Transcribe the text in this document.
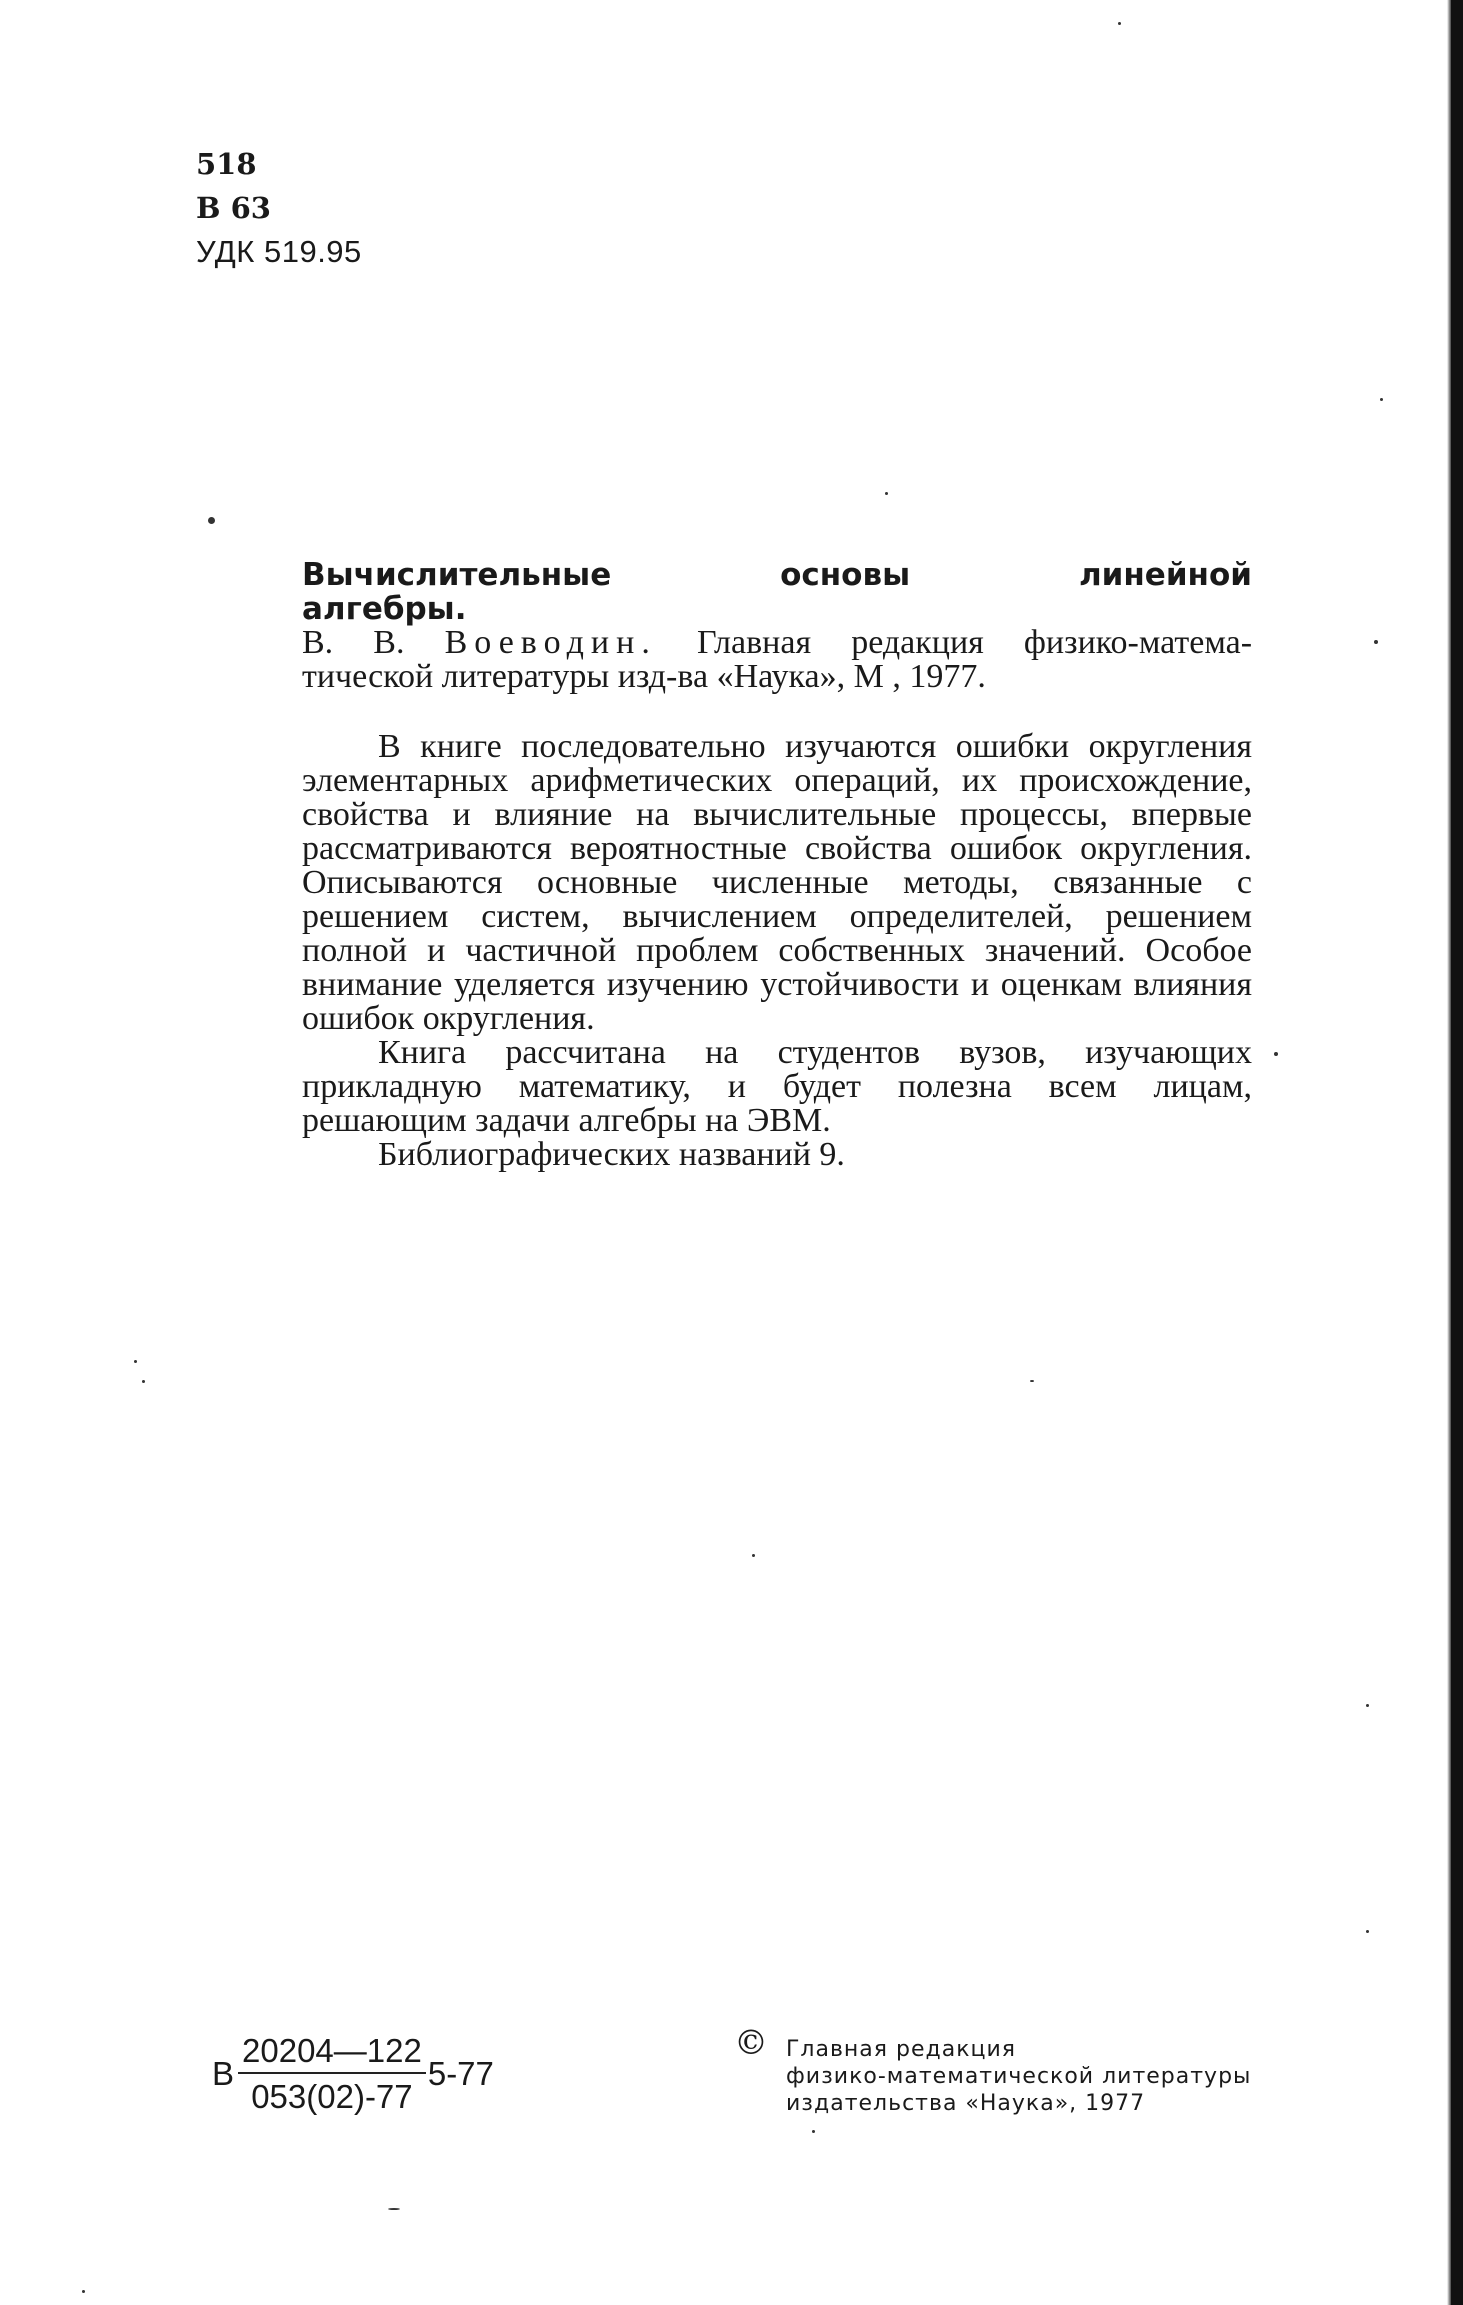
518
В 63
УДК 519.95

Вычислительные основы линейной алгебры.

В. В. Воеводин. Главная редакция физико-матема-

тической литературы изд-ва «Наука», М , 1977.

В книге последовательно изучаются ошибки округления элементарных арифметических операций, их происхождение, свойства и влияние на вычислительные процессы, впервые рассматриваются вероятностные свойства ошибок округления. Описываются основные численные методы, связанные с решением систем, вычислением определителей, решением полной и частичной проблем собственных значений. Особое внимание уделяется изучению устойчивости и оценкам влияния ошибок округления.

Книга рассчитана на студентов вузов, изучающих прикладную математику, и будет полезна всем лицам, решающим задачи алгебры на ЭВМ.

Библиографических названий 9.

В $\frac{20204—122}{053(02)-77} 5-77$
© Главная редакция
физико-математической литературы
издательства «Наука», 1977
